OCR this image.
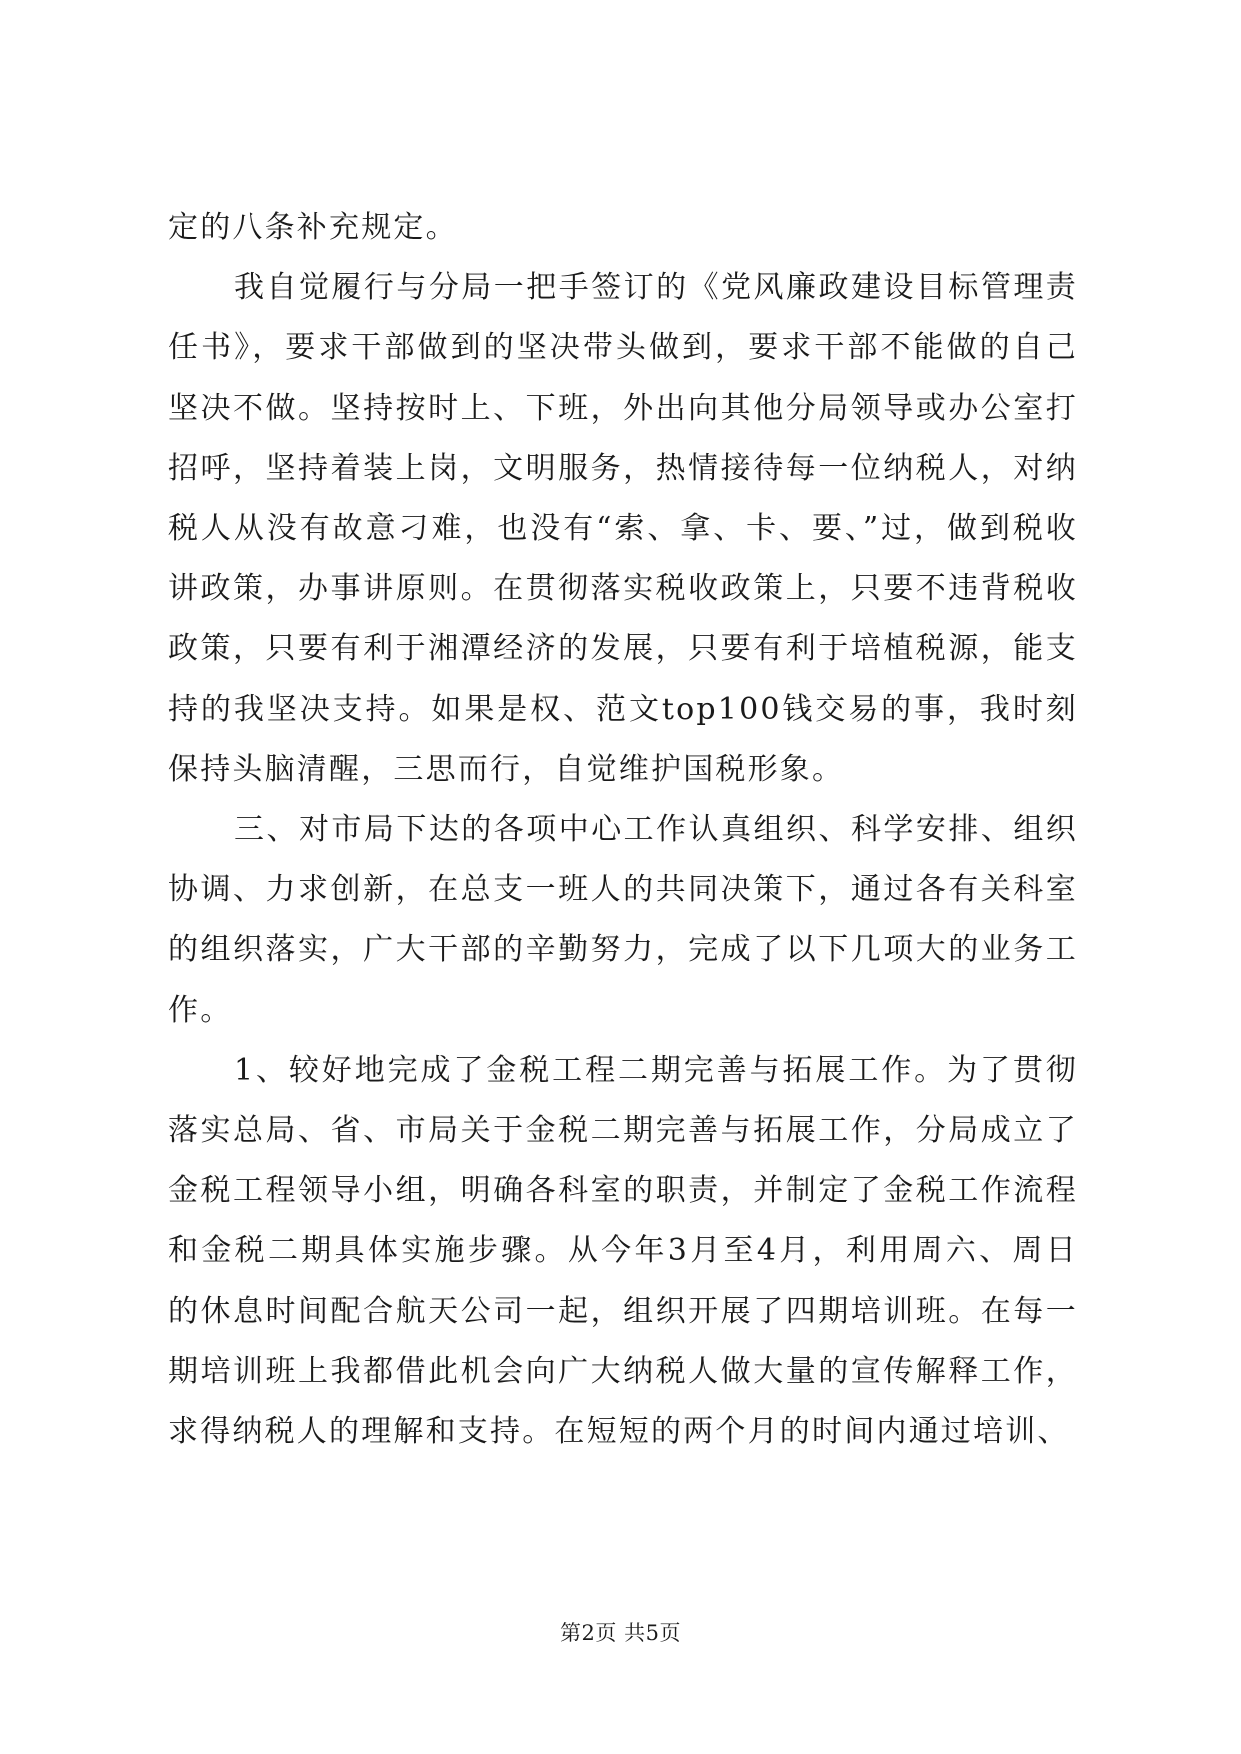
定的八条补充规定。

我自觉履行与分局一把手签订的《党风廉政建设目标管理责任书》，要求干部做到的坚决带头做到，要求干部不能做的自己坚决不做。坚持按时上、下班，外出向其他分局领导或办公室打招呼，坚持着装上岗，文明服务，热情接待每一位纳税人，对纳税人从没有故意刁难，也没有“索、拿、卡、要、”过，做到税收讲政策，办事讲原则。在贯彻落实税收政策上，只要不违背税收政策，只要有利于湘潭经济的发展，只要有利于培植税源，能支持的我坚决支持。如果是权、范文top100钱交易的事，我时刻保持头脑清醒，三思而行，自觉维护国税形象。

三、对市局下达的各项中心工作认真组织、科学安排、组织协调、力求创新，在总支一班人的共同决策下，通过各有关科室的组织落实，广大干部的辛勤努力，完成了以下几项大的业务工作。

1、较好地完成了金税工程二期完善与拓展工作。为了贯彻落实总局、省、市局关于金税二期完善与拓展工作，分局成立了金税工程领导小组，明确各科室的职责，并制定了金税工作流程和金税二期具体实施步骤。从今年3月至4月，利用周六、周日的休息时间配合航天公司一起，组织开展了四期培训班。在每一期培训班上我都借此机会向广大纳税人做大量的宣传解释工作，求得纳税人的理解和支持。在短短的两个月的时间内通过培训、

第2页 共5页
